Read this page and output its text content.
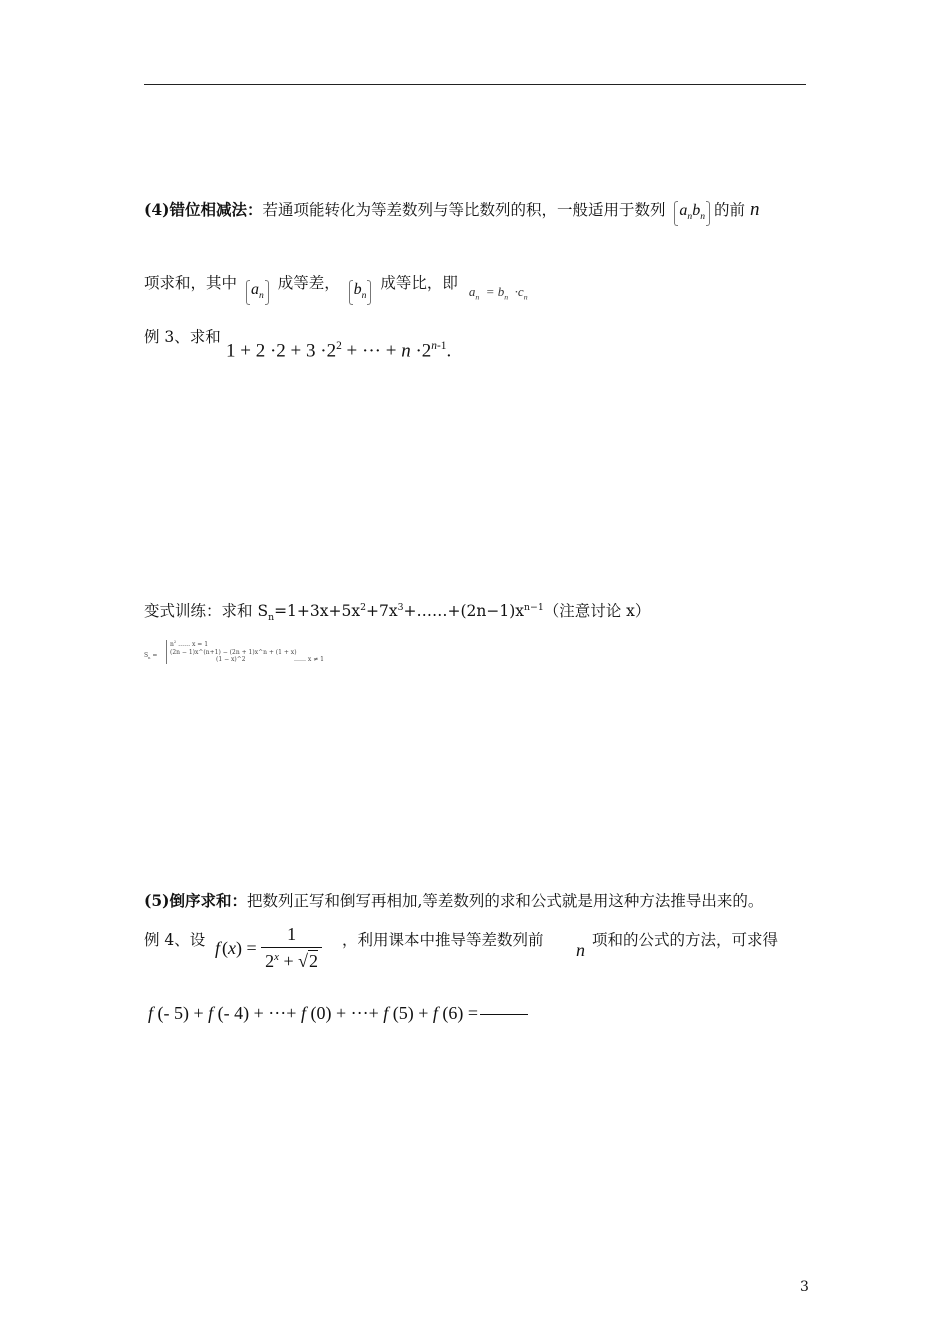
(4)错位相减法：若通项能转化为等差数列与等比数列的积，一般适用于数列 $a_nb_n$ 的前 n
项求和，其中 $a_n$ 成等差， $b_n$ 成等比，即 $_{a_n = b_n \cdot c_n}$
例 3、求和
$1 + 2 \cdot 2 + 3 \cdot 2^2$ + ··· + $n \cdot 2^{n-1}$.
变式训练：求和 $S_n=1+3x+5x^2+7x^3+\dots\dots+(2n-1)x^{n-1}$（注意讨论 x）
$S_n$ =
$n^2$ …… x = 1
(2n − 1)x^(n+1) − (2n + 1)x^n + (1 + x)
(1 − x)^2	…… x ≠ 1
(5)倒序求和：把数列正写和倒写再相加,等差数列的求和公式就是用这种方法推导出来的。
例 4、设 f $(x) = \frac{1}{2^x + √2}$ ，利用课本中推导等差数列前 n 项和的公式的方法，可求得
f (- 5) + f (- 4) + ···+ f (0) + ···+ f (5) + f (6) =
3
